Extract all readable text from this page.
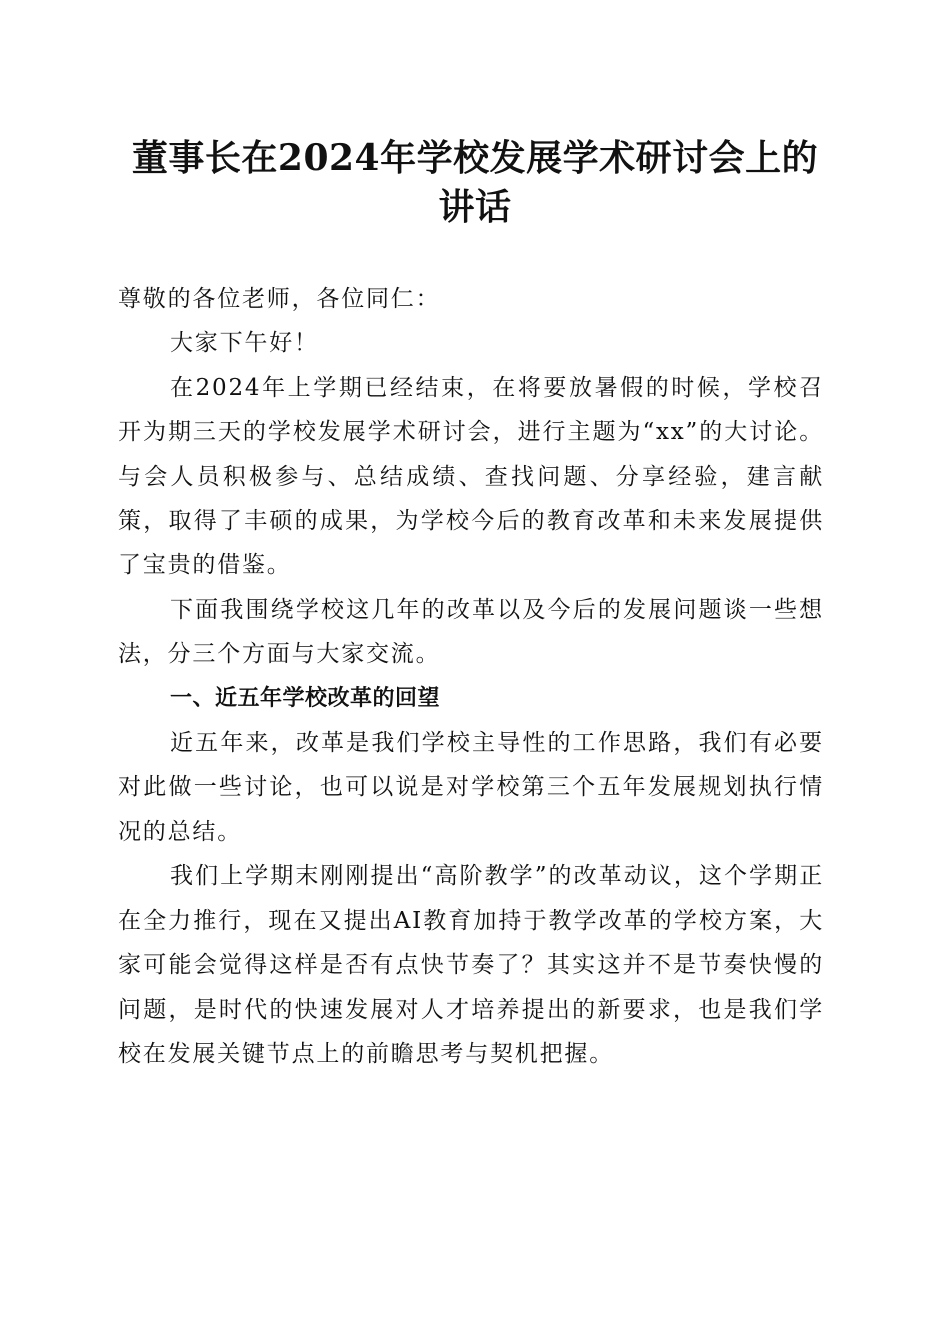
董事长在2024年学校发展学术研讨会上的讲话

尊敬的各位老师，各位同仁：

大家下午好！

在2024年上学期已经结束，在将要放暑假的时候，学校召开为期三天的学校发展学术研讨会，进行主题为“xx”的大讨论。与会人员积极参与、总结成绩、查找问题、分享经验，建言献策，取得了丰硕的成果，为学校今后的教育改革和未来发展提供了宝贵的借鉴。

下面我围绕学校这几年的改革以及今后的发展问题谈一些想法，分三个方面与大家交流。

一、近五年学校改革的回望

近五年来，改革是我们学校主导性的工作思路，我们有必要对此做一些讨论，也可以说是对学校第三个五年发展规划执行情况的总结。

我们上学期末刚刚提出“高阶教学”的改革动议，这个学期正在全力推行，现在又提出AI教育加持于教学改革的学校方案，大家可能会觉得这样是否有点快节奏了？其实这并不是节奏快慢的问题，是时代的快速发展对人才培养提出的新要求，也是我们学校在发展关键节点上的前瞻思考与契机把握。
